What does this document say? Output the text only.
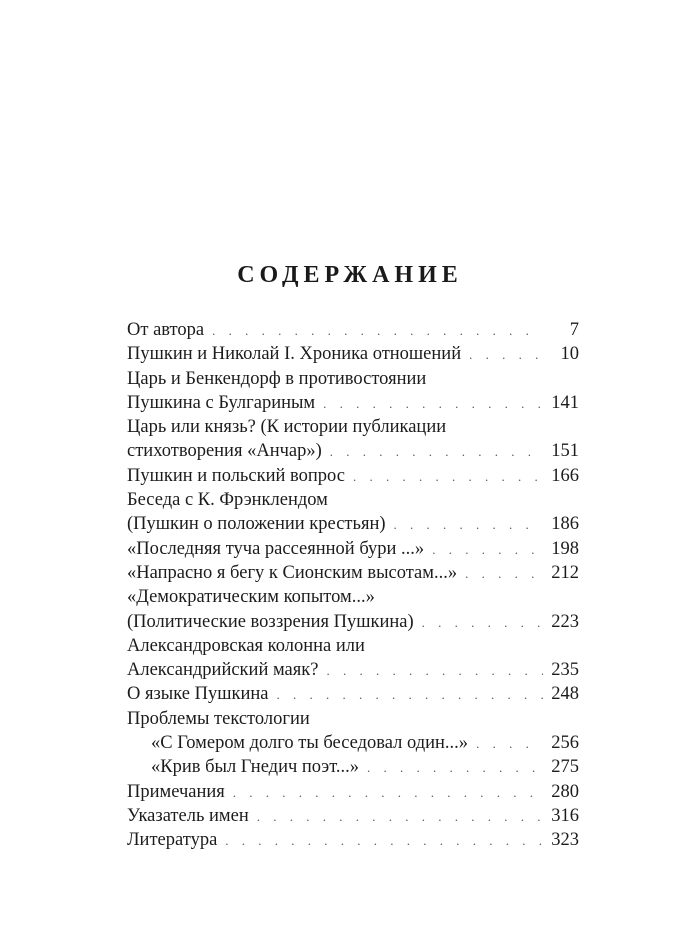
СОДЕРЖАНИЕ
От автора . . .	7
Пушкин и Николай I. Хроника отношений . . .	10
Царь и Бенкендорф в противостоянии
Пушкина с Булгариным . . .	141
Царь или князь? (К истории публикации
стихотворения «Анчар») . . .	151
Пушкин и польский вопрос . . .	166
Беседа с К. Фрэнклендом
(Пушкин о положении крестьян) . . .	186
«Последняя туча рассеянной бури ...» . . .	198
«Напрасно я бегу к Сионским высотам...» . . .	212
«Демократическим копытом...»
(Политические воззрения Пушкина) . . .	223
Александровская колонна или
Александрийский маяк? . . .	235
О языке Пушкина . . .	248
Проблемы текстологии
«С Гомером долго ты беседовал один...» . . .	256
«Крив был Гнедич поэт...» . . .	275
Примечания . . .	280
Указатель имен . . .	316
Литература . . .	323
